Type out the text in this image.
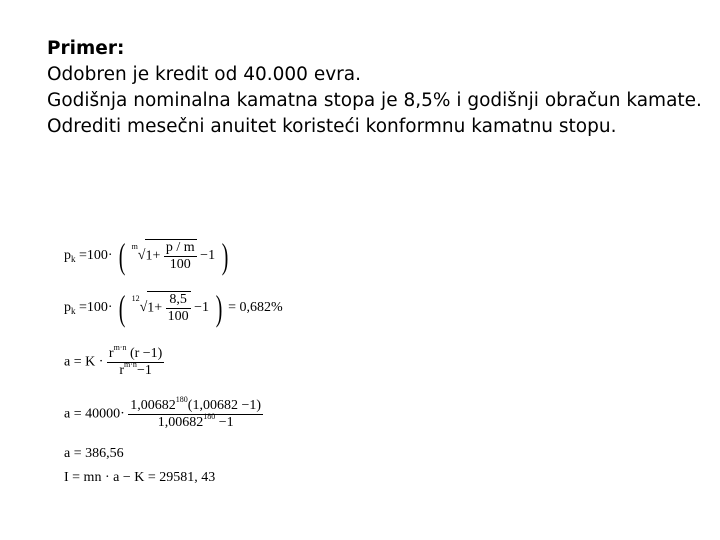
Primer:

Odobren je kredit od 40.000 evra.

Godišnja nominalna kamatna stopa je 8,5% i godišnji obračun kamate.

Odrediti mesečni anuitet koristeći konformnu kamatnu stopu.

$p_k =100\cdot$ ( $^m√1+ \frac{p / m}{100} -1$ )
$p_k =100\cdot$ ( $^{12}√1+ \frac{8,5}{100} -1$ ) = 0,682%
$a = K \cdot \frac{r^{m\cdot n} (r -1)}{r^{m\cdot n}-1}$
$a = 40000\cdot \frac{1,00682^{180}(1,00682 -1)}{1,00682^{180} -1}$
a = 386,56
I = mn · a − K = 29581, 43
